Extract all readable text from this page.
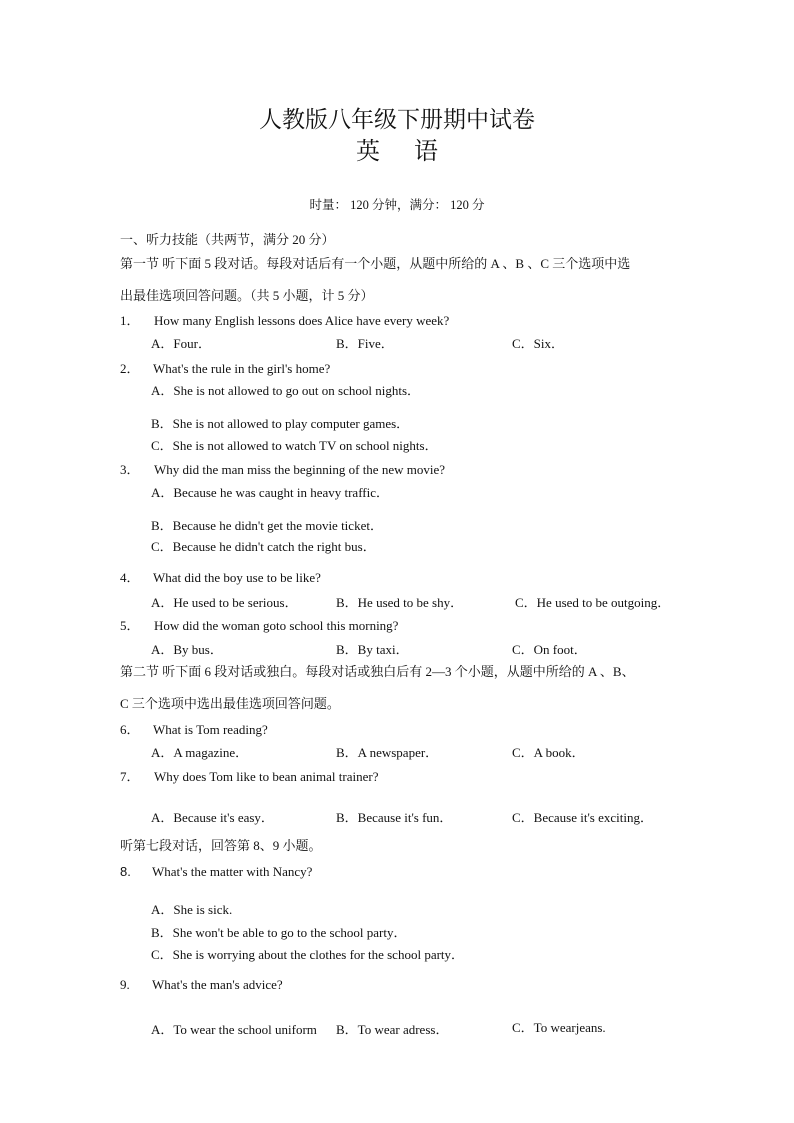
人教版八年级下册期中试卷
英语
时量： 120 分钟，满分： 120 分
一、听力技能（共两节，满分 20 分）
第一节 听下面 5 段对话。每段对话后有一个小题，从题中所给的 A 、B 、C 三个选项中选
出最佳选项回答问题。（共 5 小题，计 5 分）
1． How many English lessons does Alice have every week?
A．Four．	B．Five．	C．Six．
2． What's the rule in the girl's home?
A．She is not allowed to go out on school nights．
B．She is not allowed to play computer games．
C．She is not allowed to watch TV on school nights．
3． Why did the man miss the beginning of the new movie?
A．Because he was caught in heavy traffic．
B．Because he didn't get the movie ticket．
C．Because he didn't catch the right bus．
4． What did the boy use to be like?
A．He used to be serious．	B．He used to be shy．	C．He used to be outgoing．
5． How did the woman goto school this morning?
A．By bus．	B．By taxi．	C．On foot．
第二节 听下面 6 段对话或独白。每段对话或独白后有 2—3 个小题，从题中所给的 A 、B、
C 三个选项中选出最佳选项回答问题。
6． What is Tom reading?
A．A magazine．	B．A newspaper．	C．A book．
7． Why does Tom like to bean animal trainer?
A．Because it's easy．	B．Because it's fun．	C．Because it's exciting．
听第七段对话，回答第 8、9 小题。
8. What's the matter with Nancy?
A．She is sick.
B．She won't be able to go to the school party．
C．She is worrying about the clothes for the school party．
9. What's the man's advice?
A．To wear the school uniform B．To wear adress．	C．To wearjeans.
